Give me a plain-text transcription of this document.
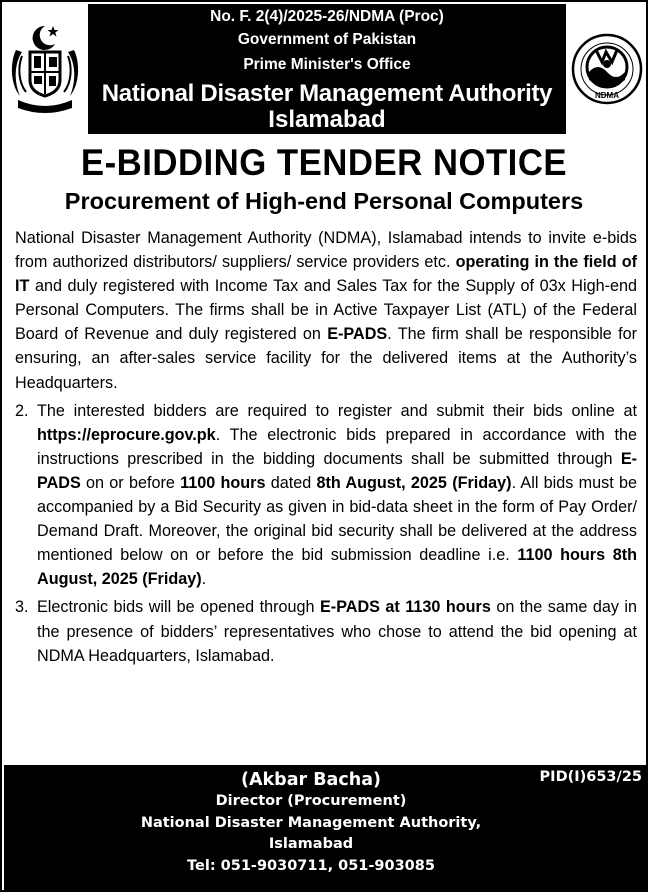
No. F. 2(4)/2025-26/NDMA (Proc)
Government of Pakistan
Prime Minister's Office
National Disaster Management Authority
Islamabad
NDMA
E-BIDDING TENDER NOTICE
Procurement of High-end Personal Computers

National Disaster Management Authority (NDMA), Islamabad intends to invite e-bids from authorized distributors/ suppliers/ service providers etc. operating in the field of IT and duly registered with Income Tax and Sales Tax for the Supply of 03x High-end Personal Computers. The firms shall be in Active Taxpayer List (ATL) of the Federal Board of Revenue and duly registered on E-PADS. The firm shall be responsible for ensuring, an after-sales service facility for the delivered items at the Authority’s Headquarters.

2. The interested bidders are required to register and submit their bids online at https://eprocure.gov.pk. The electronic bids prepared in accordance with the instructions prescribed in the bidding documents shall be submitted through E-PADS on or before 1100 hours dated 8th August, 2025 (Friday). All bids must be accompanied by a Bid Security as given in bid-data sheet in the form of Pay Order/ Demand Draft. Moreover, the original bid security shall be delivered at the address mentioned below on or before the bid submission deadline i.e. 1100 hours 8th August, 2025 (Friday).

3. Electronic bids will be opened through E-PADS at 1130 hours on the same day in the presence of bidders’ representatives who chose to attend the bid opening at NDMA Headquarters, Islamabad.

PID(I)653/25
(Akbar Bacha)
Director (Procurement)
National Disaster Management Authority,
Islamabad
Tel: 051-9030711, 051-903085
